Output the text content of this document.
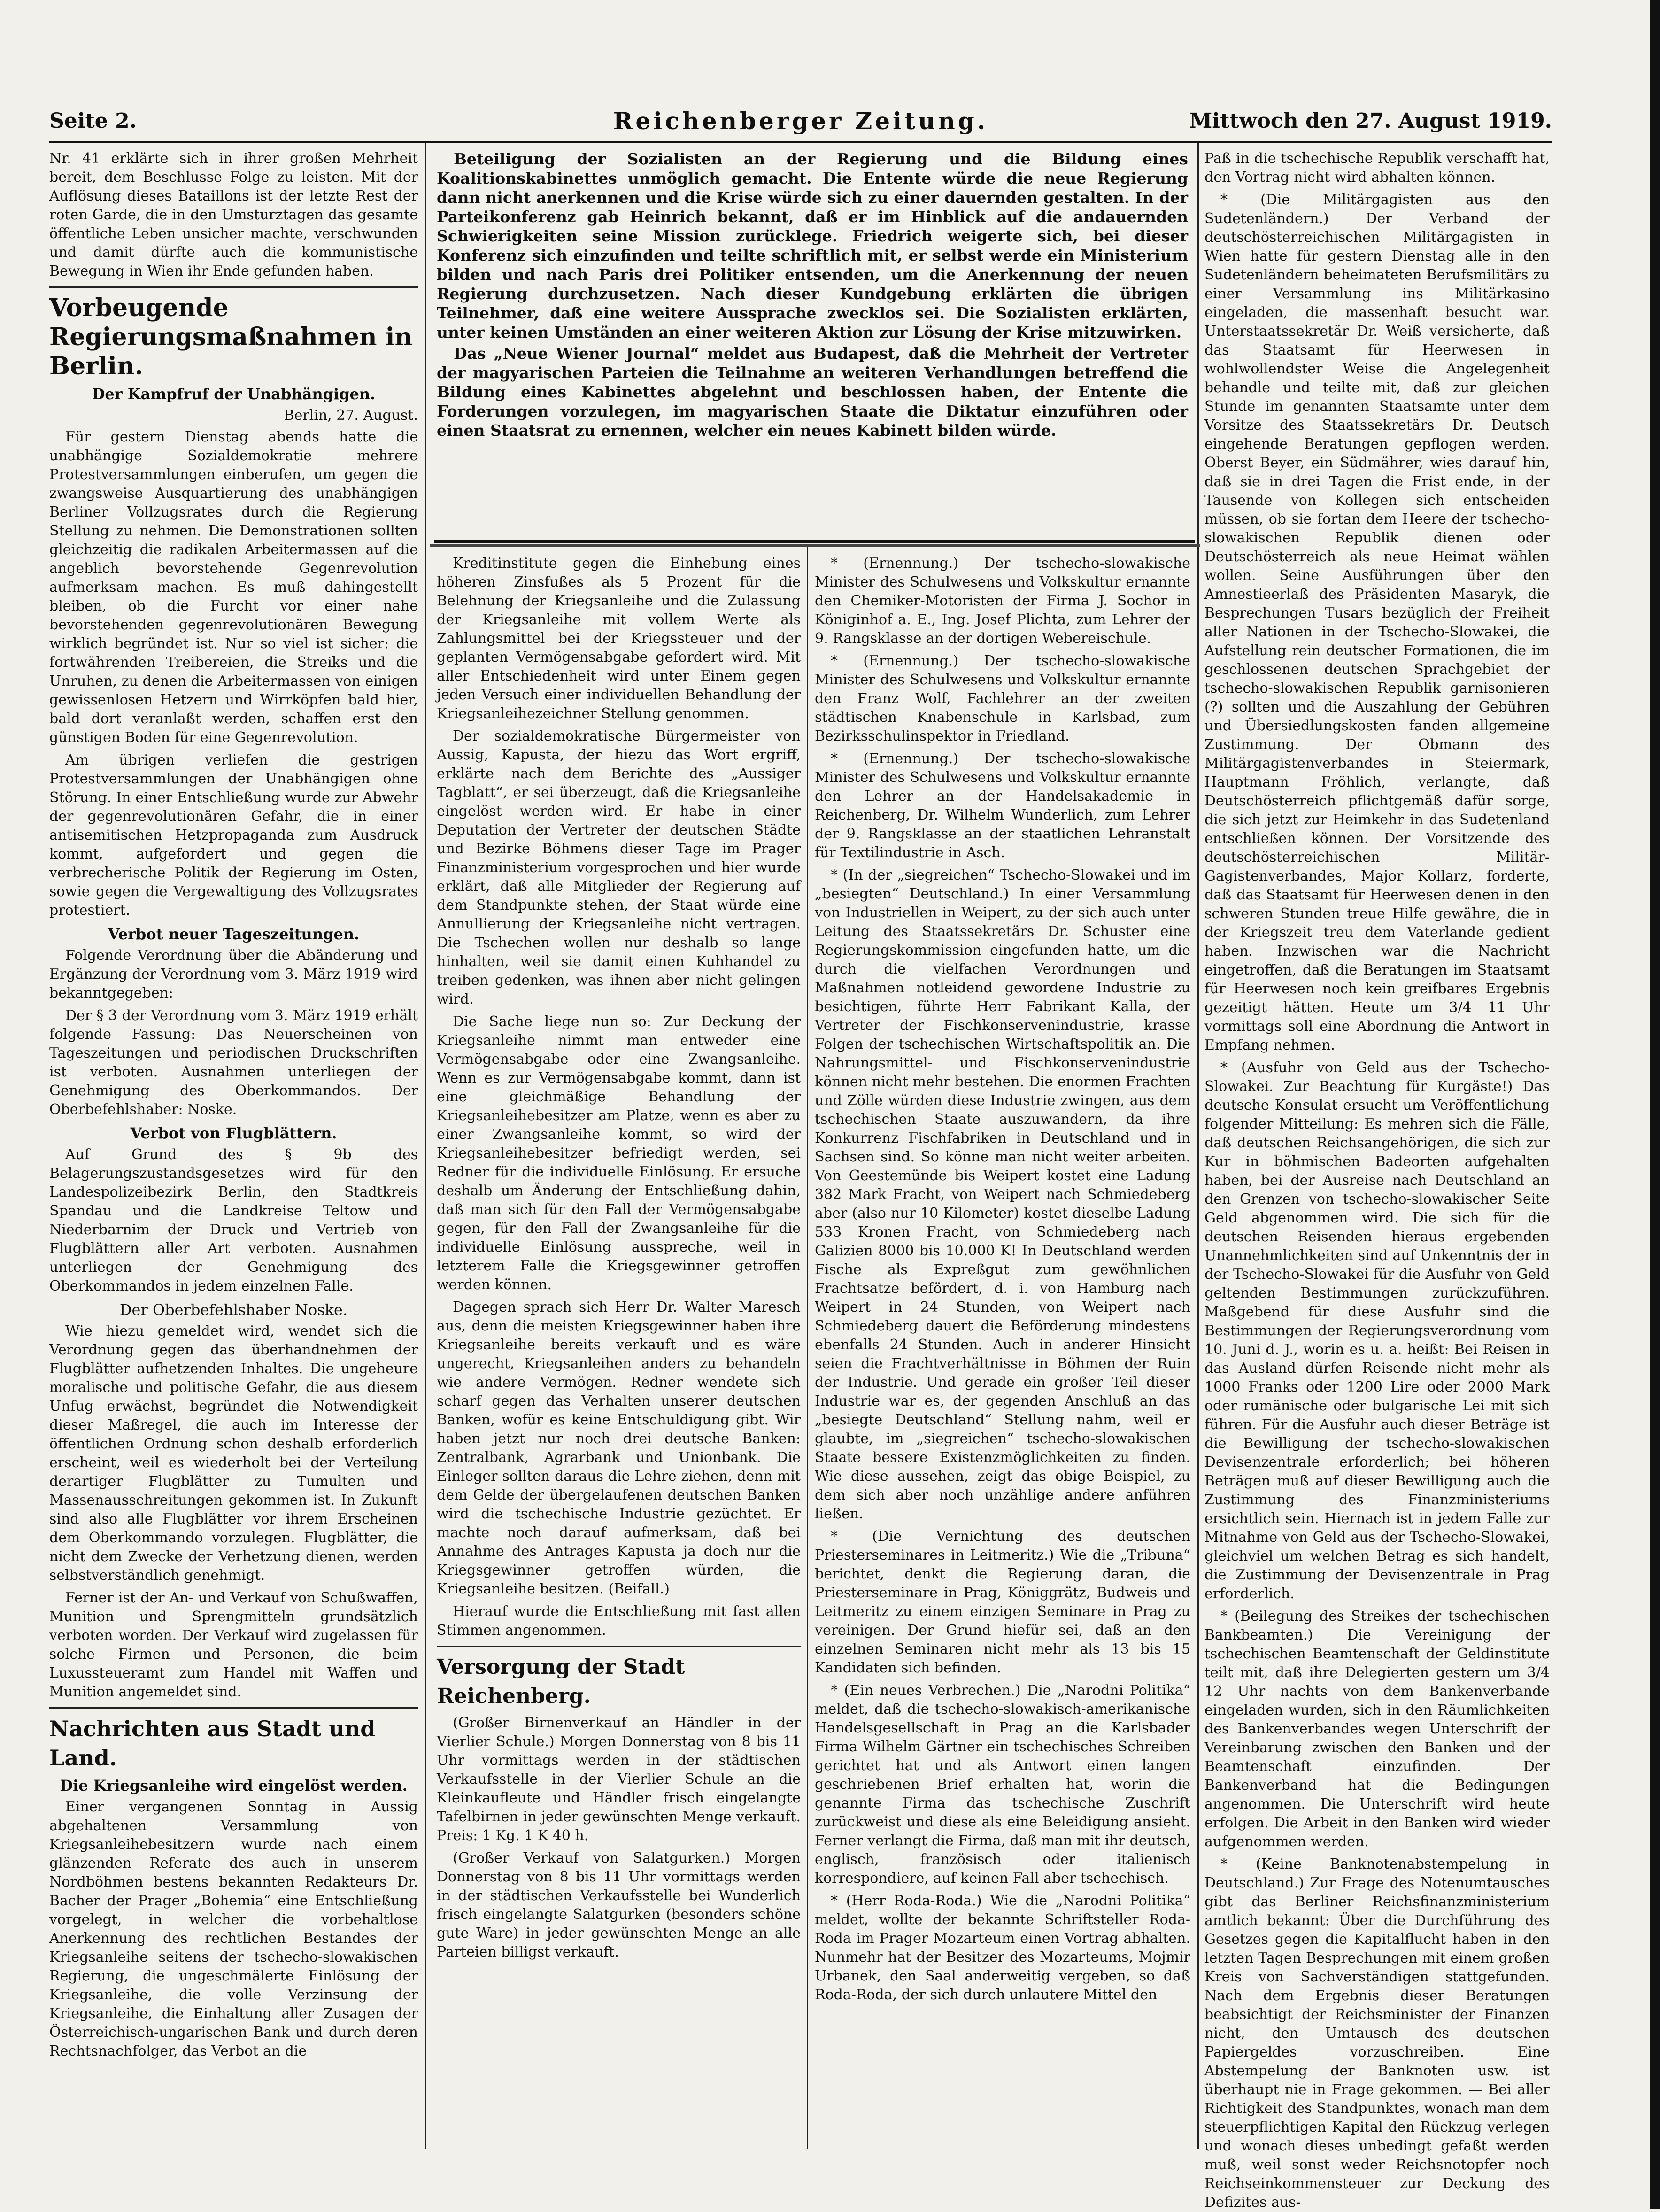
Seite 2.	Reichenberger Zeitung.	Mittwoch den 27. August 1919.

Nr. 41 erklärte sich in ihrer großen Mehrheit bereit, dem Beschlusse Folge zu leisten. Mit der Auflösung dieses Bataillons ist der letzte Rest der roten Garde, die in den Umsturztagen das gesamte öffentliche Leben unsicher machte, verschwunden und damit dürfte auch die kommunistische Bewegung in Wien ihr Ende gefunden haben.

Vorbeugende Regierungsmaßnahmen in Berlin.
Der Kampfruf der Unabhängigen.
Berlin, 27. August.

Für gestern Dienstag abends hatte die unabhängige Sozialdemokratie mehrere Protestversammlungen einberufen, um gegen die zwangsweise Ausquartierung des unabhängigen Berliner Vollzugsrates durch die Regierung Stellung zu nehmen. Die Demonstrationen sollten gleichzeitig die radikalen Arbeitermassen auf die angeblich bevorstehende Gegenrevolution aufmerksam machen. Es muß dahingestellt bleiben, ob die Furcht vor einer nahe bevorstehenden gegenrevolutionären Bewegung wirklich begründet ist. Nur so viel ist sicher: die fortwährenden Treibereien, die Streiks und die Unruhen, zu denen die Arbeitermassen von einigen gewissenlosen Hetzern und Wirrköpfen bald hier, bald dort veranlaßt werden, schaffen erst den günstigen Boden für eine Gegenrevolution.

Am übrigen verliefen die gestrigen Protestversammlungen der Unabhängigen ohne Störung. In einer Entschließung wurde zur Abwehr der gegenrevolutionären Gefahr, die in einer antisemitischen Hetzpropaganda zum Ausdruck kommt, aufgefordert und gegen die verbrecherische Politik der Regierung im Osten, sowie gegen die Vergewaltigung des Vollzugsrates protestiert.

Verbot neuer Tageszeitungen.

Folgende Verordnung über die Abänderung und Ergänzung der Verordnung vom 3. März 1919 wird bekanntgegeben:

Der § 3 der Verordnung vom 3. März 1919 erhält folgende Fassung: Das Neuerscheinen von Tageszeitungen und periodischen Druckschriften ist verboten. Ausnahmen unterliegen der Genehmigung des Oberkommandos. Der Oberbefehlshaber: Noske.

Verbot von Flugblättern.

Auf Grund des § 9b des Belagerungszustandsgesetzes wird für den Landespolizeibezirk Berlin, den Stadtkreis Spandau und die Landkreise Teltow und Niederbarnim der Druck und Vertrieb von Flugblättern aller Art verboten. Ausnahmen unterliegen der Genehmigung des Oberkommandos in jedem einzelnen Falle.

Der Oberbefehlshaber Noske.

Wie hiezu gemeldet wird, wendet sich die Verordnung gegen das überhandnehmen der Flugblätter aufhetzenden Inhaltes. Die ungeheure moralische und politische Gefahr, die aus diesem Unfug erwächst, begründet die Notwendigkeit dieser Maßregel, die auch im Interesse der öffentlichen Ordnung schon deshalb erforderlich erscheint, weil es wiederholt bei der Verteilung derartiger Flugblätter zu Tumulten und Massenausschreitungen gekommen ist. In Zukunft sind also alle Flugblätter vor ihrem Erscheinen dem Oberkommando vorzulegen. Flugblätter, die nicht dem Zwecke der Verhetzung dienen, werden selbstverständlich genehmigt.

Ferner ist der An- und Verkauf von Schußwaffen, Munition und Sprengmitteln grundsätzlich verboten worden. Der Verkauf wird zugelassen für solche Firmen und Personen, die beim Luxussteueramt zum Handel mit Waffen und Munition angemeldet sind.

Nachrichten aus Stadt und Land.
Die Kriegsanleihe wird eingelöst werden.

Einer vergangenen Sonntag in Aussig abgehaltenen Versammlung von Kriegsanleihebesitzern wurde nach einem glänzenden Referate des auch in unserem Nordböhmen bestens bekannten Redakteurs Dr. Bacher der Prager „Bohemia“ eine Entschließung vorgelegt, in welcher die vorbehaltlose Anerkennung des rechtlichen Bestandes der Kriegsanleihe seitens der tschecho-slowakischen Regierung, die ungeschmälerte Einlösung der Kriegsanleihe, die volle Verzinsung der Kriegsanleihe, die Einhaltung aller Zusagen der Österreichisch-ungarischen Bank und durch deren Rechtsnachfolger, das Verbot an die

Beteiligung der Sozialisten an der Regierung und die Bildung eines Koalitionskabinettes unmöglich gemacht. Die Entente würde die neue Regierung dann nicht anerkennen und die Krise würde sich zu einer dauernden gestalten. In der Parteikonferenz gab Heinrich bekannt, daß er im Hinblick auf die andauernden Schwierigkeiten seine Mission zurücklege. Friedrich weigerte sich, bei dieser Konferenz sich einzufinden und teilte schriftlich mit, er selbst werde ein Ministerium bilden und nach Paris drei Politiker entsenden, um die Anerkennung der neuen Regierung durchzusetzen. Nach dieser Kundgebung erklärten die übrigen Teilnehmer, daß eine weitere Aussprache zwecklos sei. Die Sozialisten erklärten, unter keinen Umständen an einer weiteren Aktion zur Lösung der Krise mitzuwirken.

Das „Neue Wiener Journal“ meldet aus Budapest, daß die Mehrheit der Vertreter der magyarischen Parteien die Teilnahme an weiteren Verhandlungen betreffend die Bildung eines Kabinettes abgelehnt und beschlossen haben, der Entente die Forderungen vorzulegen, im magyarischen Staate die Diktatur einzuführen oder einen Staatsrat zu ernennen, welcher ein neues Kabinett bilden würde.

Kreditinstitute gegen die Einhebung eines höheren Zinsfußes als 5 Prozent für die Belehnung der Kriegsanleihe und die Zulassung der Kriegsanleihe mit vollem Werte als Zahlungsmittel bei der Kriegssteuer und der geplanten Vermögensabgabe gefordert wird. Mit aller Entschiedenheit wird unter Einem gegen jeden Versuch einer individuellen Behandlung der Kriegsanleihezeichner Stellung genommen.

Der sozialdemokratische Bürgermeister von Aussig, Kapusta, der hiezu das Wort ergriff, erklärte nach dem Berichte des „Aussiger Tagblatt“, er sei überzeugt, daß die Kriegsanleihe eingelöst werden wird. Er habe in einer Deputation der Vertreter der deutschen Städte und Bezirke Böhmens dieser Tage im Prager Finanzministerium vorgesprochen und hier wurde erklärt, daß alle Mitglieder der Regierung auf dem Standpunkte stehen, der Staat würde eine Annullierung der Kriegsanleihe nicht vertragen. Die Tschechen wollen nur deshalb so lange hinhalten, weil sie damit einen Kuhhandel zu treiben gedenken, was ihnen aber nicht gelingen wird.

Die Sache liege nun so: Zur Deckung der Kriegsanleihe nimmt man entweder eine Vermögensabgabe oder eine Zwangsanleihe. Wenn es zur Vermögensabgabe kommt, dann ist eine gleichmäßige Behandlung der Kriegsanleihebesitzer am Platze, wenn es aber zu einer Zwangsanleihe kommt, so wird der Kriegsanleihebesitzer befriedigt werden, sei Redner für die individuelle Einlösung. Er ersuche deshalb um Änderung der Entschließung dahin, daß man sich für den Fall der Vermögensabgabe gegen, für den Fall der Zwangsanleihe für die individuelle Einlösung ausspreche, weil in letzterem Falle die Kriegsgewinner getroffen werden können.

Dagegen sprach sich Herr Dr. Walter Maresch aus, denn die meisten Kriegsgewinner haben ihre Kriegsanleihe bereits verkauft und es wäre ungerecht, Kriegsanleihen anders zu behandeln wie andere Vermögen. Redner wendete sich scharf gegen das Verhalten unserer deutschen Banken, wofür es keine Entschuldigung gibt. Wir haben jetzt nur noch drei deutsche Banken: Zentralbank, Agrarbank und Unionbank. Die Einleger sollten daraus die Lehre ziehen, denn mit dem Gelde der übergelaufenen deutschen Banken wird die tschechische Industrie gezüchtet. Er machte noch darauf aufmerksam, daß bei Annahme des Antrages Kapusta ja doch nur die Kriegsgewinner getroffen würden, die Kriegsanleihe besitzen. (Beifall.)

Hierauf wurde die Entschließung mit fast allen Stimmen angenommen.

Versorgung der Stadt Reichenberg.

(Großer Birnenverkauf an Händler in der Vierlier Schule.) Morgen Donnerstag von 8 bis 11 Uhr vormittags werden in der städtischen Verkaufsstelle in der Vierlier Schule an die Kleinkaufleute und Händler frisch eingelangte Tafelbirnen in jeder gewünschten Menge verkauft. Preis: 1 Kg. 1 K 40 h.

(Großer Verkauf von Salatgurken.) Morgen Donnerstag von 8 bis 11 Uhr vormittags werden in der städtischen Verkaufsstelle bei Wunderlich frisch eingelangte Salatgurken (besonders schöne gute Ware) in jeder gewünschten Menge an alle Parteien billigst verkauft.

* (Ernennung.) Der tschecho-slowakische Minister des Schulwesens und Volkskultur ernannte den Chemiker-Motoristen der Firma J. Sochor in Königinhof a. E., Ing. Josef Plichta, zum Lehrer der 9. Rangsklasse an der dortigen Webereischule.

* (Ernennung.) Der tschecho-slowakische Minister des Schulwesens und Volkskultur ernannte den Franz Wolf, Fachlehrer an der zweiten städtischen Knabenschule in Karlsbad, zum Bezirksschulinspektor in Friedland.

* (Ernennung.) Der tschecho-slowakische Minister des Schulwesens und Volkskultur ernannte den Lehrer an der Handelsakademie in Reichenberg, Dr. Wilhelm Wunderlich, zum Lehrer der 9. Rangsklasse an der staatlichen Lehranstalt für Textilindustrie in Asch.

* (In der „siegreichen“ Tschecho-Slowakei und im „besiegten“ Deutschland.) In einer Versammlung von Industriellen in Weipert, zu der sich auch unter Leitung des Staatssekretärs Dr. Schuster eine Regierungskommission eingefunden hatte, um die durch die vielfachen Verordnungen und Maßnahmen notleidend gewordene Industrie zu besichtigen, führte Herr Fabrikant Kalla, der Vertreter der Fischkonservenindustrie, krasse Folgen der tschechischen Wirtschaftspolitik an. Die Nahrungsmittel- und Fischkonservenindustrie können nicht mehr bestehen. Die enormen Frachten und Zölle würden diese Industrie zwingen, aus dem tschechischen Staate auszuwandern, da ihre Konkurrenz Fischfabriken in Deutschland und in Sachsen sind. So könne man nicht weiter arbeiten. Von Geestemünde bis Weipert kostet eine Ladung 382 Mark Fracht, von Weipert nach Schmiedeberg aber (also nur 10 Kilometer) kostet dieselbe Ladung 533 Kronen Fracht, von Schmiedeberg nach Galizien 8000 bis 10.000 K! In Deutschland werden Fische als Expreßgut zum gewöhnlichen Frachtsatze befördert, d. i. von Hamburg nach Weipert in 24 Stunden, von Weipert nach Schmiedeberg dauert die Beförderung mindestens ebenfalls 24 Stunden. Auch in anderer Hinsicht seien die Frachtverhältnisse in Böhmen der Ruin der Industrie. Und gerade ein großer Teil dieser Industrie war es, der gegenden Anschluß an das „besiegte Deutschland“ Stellung nahm, weil er glaubte, im „siegreichen“ tschecho-slowakischen Staate bessere Existenzmöglichkeiten zu finden. Wie diese aussehen, zeigt das obige Beispiel, zu dem sich aber noch unzählige andere anführen ließen.

* (Die Vernichtung des deutschen Priesterseminares in Leitmeritz.) Wie die „Tribuna“ berichtet, denkt die Regierung daran, die Priesterseminare in Prag, Königgrätz, Budweis und Leitmeritz zu einem einzigen Seminare in Prag zu vereinigen. Der Grund hiefür sei, daß an den einzelnen Seminaren nicht mehr als 13 bis 15 Kandidaten sich befinden.

* (Ein neues Verbrechen.) Die „Narodni Politika“ meldet, daß die tschecho-slowakisch-amerikanische Handelsgesellschaft in Prag an die Karlsbader Firma Wilhelm Gärtner ein tschechisches Schreiben gerichtet hat und als Antwort einen langen geschriebenen Brief erhalten hat, worin die genannte Firma das tschechische Zuschrift zurückweist und diese als eine Beleidigung ansieht. Ferner verlangt die Firma, daß man mit ihr deutsch, englisch, französisch oder italienisch korrespondiere, auf keinen Fall aber tschechisch.

* (Herr Roda-Roda.) Wie die „Narodni Politika“ meldet, wollte der bekannte Schriftsteller Roda-Roda im Prager Mozarteum einen Vortrag abhalten. Nunmehr hat der Besitzer des Mozarteums, Mojmir Urbanek, den Saal anderweitig vergeben, so daß Roda-Roda, der sich durch unlautere Mittel den

Paß in die tschechische Republik verschafft hat, den Vortrag nicht wird abhalten können.

* (Die Militärgagisten aus den Sudetenländern.) Der Verband der deutschösterreichischen Militärgagisten in Wien hatte für gestern Dienstag alle in den Sudetenländern beheimateten Berufsmilitärs zu einer Versammlung ins Militärkasino eingeladen, die massenhaft besucht war. Unterstaatssekretär Dr. Weiß versicherte, daß das Staatsamt für Heerwesen in wohlwollendster Weise die Angelegenheit behandle und teilte mit, daß zur gleichen Stunde im genannten Staatsamte unter dem Vorsitze des Staatssekretärs Dr. Deutsch eingehende Beratungen gepflogen werden. Oberst Beyer, ein Südmährer, wies darauf hin, daß sie in drei Tagen die Frist ende, in der Tausende von Kollegen sich entscheiden müssen, ob sie fortan dem Heere der tschecho-slowakischen Republik dienen oder Deutschösterreich als neue Heimat wählen wollen. Seine Ausführungen über den Amnestieerlaß des Präsidenten Masaryk, die Besprechungen Tusars bezüglich der Freiheit aller Nationen in der Tschecho-Slowakei, die Aufstellung rein deutscher Formationen, die im geschlossenen deutschen Sprachgebiet der tschecho-slowakischen Republik garnisonieren (?) sollten und die Auszahlung der Gebühren und Übersiedlungskosten fanden allgemeine Zustimmung. Der Obmann des Militärgagistenverbandes in Steiermark, Hauptmann Fröhlich, verlangte, daß Deutschösterreich pflichtgemäß dafür sorge, die sich jetzt zur Heimkehr in das Sudetenland entschließen können. Der Vorsitzende des deutschösterreichischen Militär-Gagistenverbandes, Major Kollarz, forderte, daß das Staatsamt für Heerwesen denen in den schweren Stunden treue Hilfe gewähre, die in der Kriegszeit treu dem Vaterlande gedient haben. Inzwischen war die Nachricht eingetroffen, daß die Beratungen im Staatsamt für Heerwesen noch kein greifbares Ergebnis gezeitigt hätten. Heute um 3/4 11 Uhr vormittags soll eine Abordnung die Antwort in Empfang nehmen.

* (Ausfuhr von Geld aus der Tschecho-Slowakei. Zur Beachtung für Kurgäste!) Das deutsche Konsulat ersucht um Veröffentlichung folgender Mitteilung: Es mehren sich die Fälle, daß deutschen Reichsangehörigen, die sich zur Kur in böhmischen Badeorten aufgehalten haben, bei der Ausreise nach Deutschland an den Grenzen von tschecho-slowakischer Seite Geld abgenommen wird. Die sich für die deutschen Reisenden hieraus ergebenden Unannehmlichkeiten sind auf Unkenntnis der in der Tschecho-Slowakei für die Ausfuhr von Geld geltenden Bestimmungen zurückzuführen. Maßgebend für diese Ausfuhr sind die Bestimmungen der Regierungsverordnung vom 10. Juni d. J., worin es u. a. heißt: Bei Reisen in das Ausland dürfen Reisende nicht mehr als 1000 Franks oder 1200 Lire oder 2000 Mark oder rumänische oder bulgarische Lei mit sich führen. Für die Ausfuhr auch dieser Beträge ist die Bewilligung der tschecho-slowakischen Devisenzentrale erforderlich; bei höheren Beträgen muß auf dieser Bewilligung auch die Zustimmung des Finanzministeriums ersichtlich sein. Hiernach ist in jedem Falle zur Mitnahme von Geld aus der Tschecho-Slowakei, gleichviel um welchen Betrag es sich handelt, die Zustimmung der Devisenzentrale in Prag erforderlich.

* (Beilegung des Streikes der tschechischen Bankbeamten.) Die Vereinigung der tschechischen Beamtenschaft der Geldinstitute teilt mit, daß ihre Delegierten gestern um 3/4 12 Uhr nachts von dem Bankenverbande eingeladen wurden, sich in den Räumlichkeiten des Bankenverbandes wegen Unterschrift der Vereinbarung zwischen den Banken und der Beamtenschaft einzufinden. Der Bankenverband hat die Bedingungen angenommen. Die Unterschrift wird heute erfolgen. Die Arbeit in den Banken wird wieder aufgenommen werden.

* (Keine Banknotenabstempelung in Deutschland.) Zur Frage des Notenumtausches gibt das Berliner Reichsfinanzministerium amtlich bekannt: Über die Durchführung des Gesetzes gegen die Kapitalflucht haben in den letzten Tagen Besprechungen mit einem großen Kreis von Sachverständigen stattgefunden. Nach dem Ergebnis dieser Beratungen beabsichtigt der Reichsminister der Finanzen nicht, den Umtausch des deutschen Papiergeldes vorzuschreiben. Eine Abstempelung der Banknoten usw. ist überhaupt nie in Frage gekommen. — Bei aller Richtigkeit des Standpunktes, wonach man dem steuerpflichtigen Kapital den Rückzug verlegen und wonach dieses unbedingt gefaßt werden muß, weil sonst weder Reichsnotopfer noch Reichseinkommensteuer zur Deckung des Defizites aus-
